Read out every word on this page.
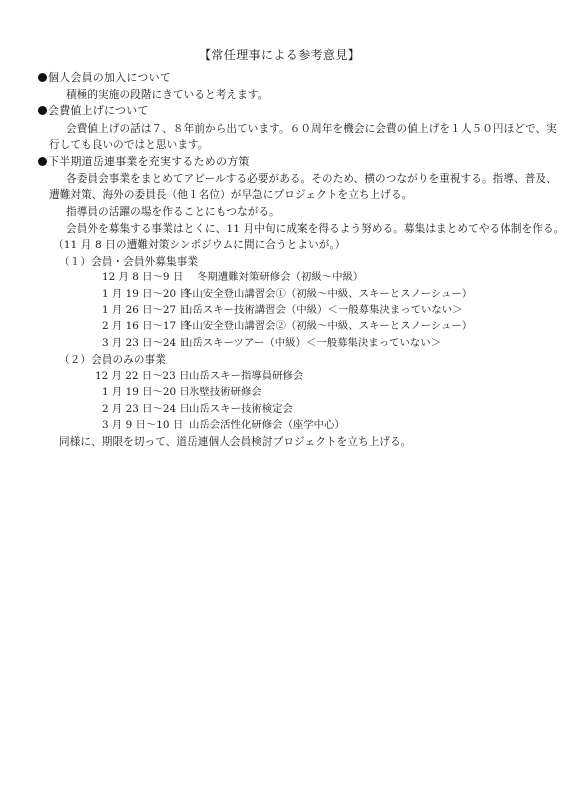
【常任理事による参考意見】
個人会員の加入について
積極的実施の段階にきていると考えます。
会費値上げについて
会費値上げの話は７、８年前から出ています。６０周年を機会に会費の値上げを１人５０円ほどで、実
行しても良いのではと思います。
下半期道岳連事業を充実するための方策
各委員会事業をまとめてアピールする必要がある。そのため、横のつながりを重視する。指導、普及、
遭難対策、海外の委員長（他１名位）が早急にプロジェクトを立ち上げる。
指導員の活躍の場を作ることにもつながる。
会員外を募集する事業はとくに、11 月中旬に成案を得るよう努める。募集はまとめてやる体制を作る。
（11 月 8 日の遭難対策シンポジウムに間に合うとよいが。）
（１）会員・会員外募集事業
12 月 8 日～9 日 冬期遭難対策研修会（初級～中級）
1 月 19 日～20 日
冬山安全登山講習会①（初級～中級、スキーとスノーシュー）
1 月 26 日～27 日
山岳スキー技術講習会（中級）＜一般募集決まっていない＞
2 月 16 日～17 日
冬山安全登山講習会②（初級～中級、スキーとスノーシュー）
3 月 23 日～24 日
山岳スキーツアー（中級）＜一般募集決まっていない＞
（２）会員のみの事業
12 月 22 日～23 日 山岳スキー指導員研修会
1 月 19 日～20 日 氷壁技術研修会
2 月 23 日～24 日 山岳スキー技術検定会
3 月 9 日～10 日 山岳会活性化研修会（座学中心）
同様に、期限を切って、道岳連個人会員検討プロジェクトを立ち上げる。
